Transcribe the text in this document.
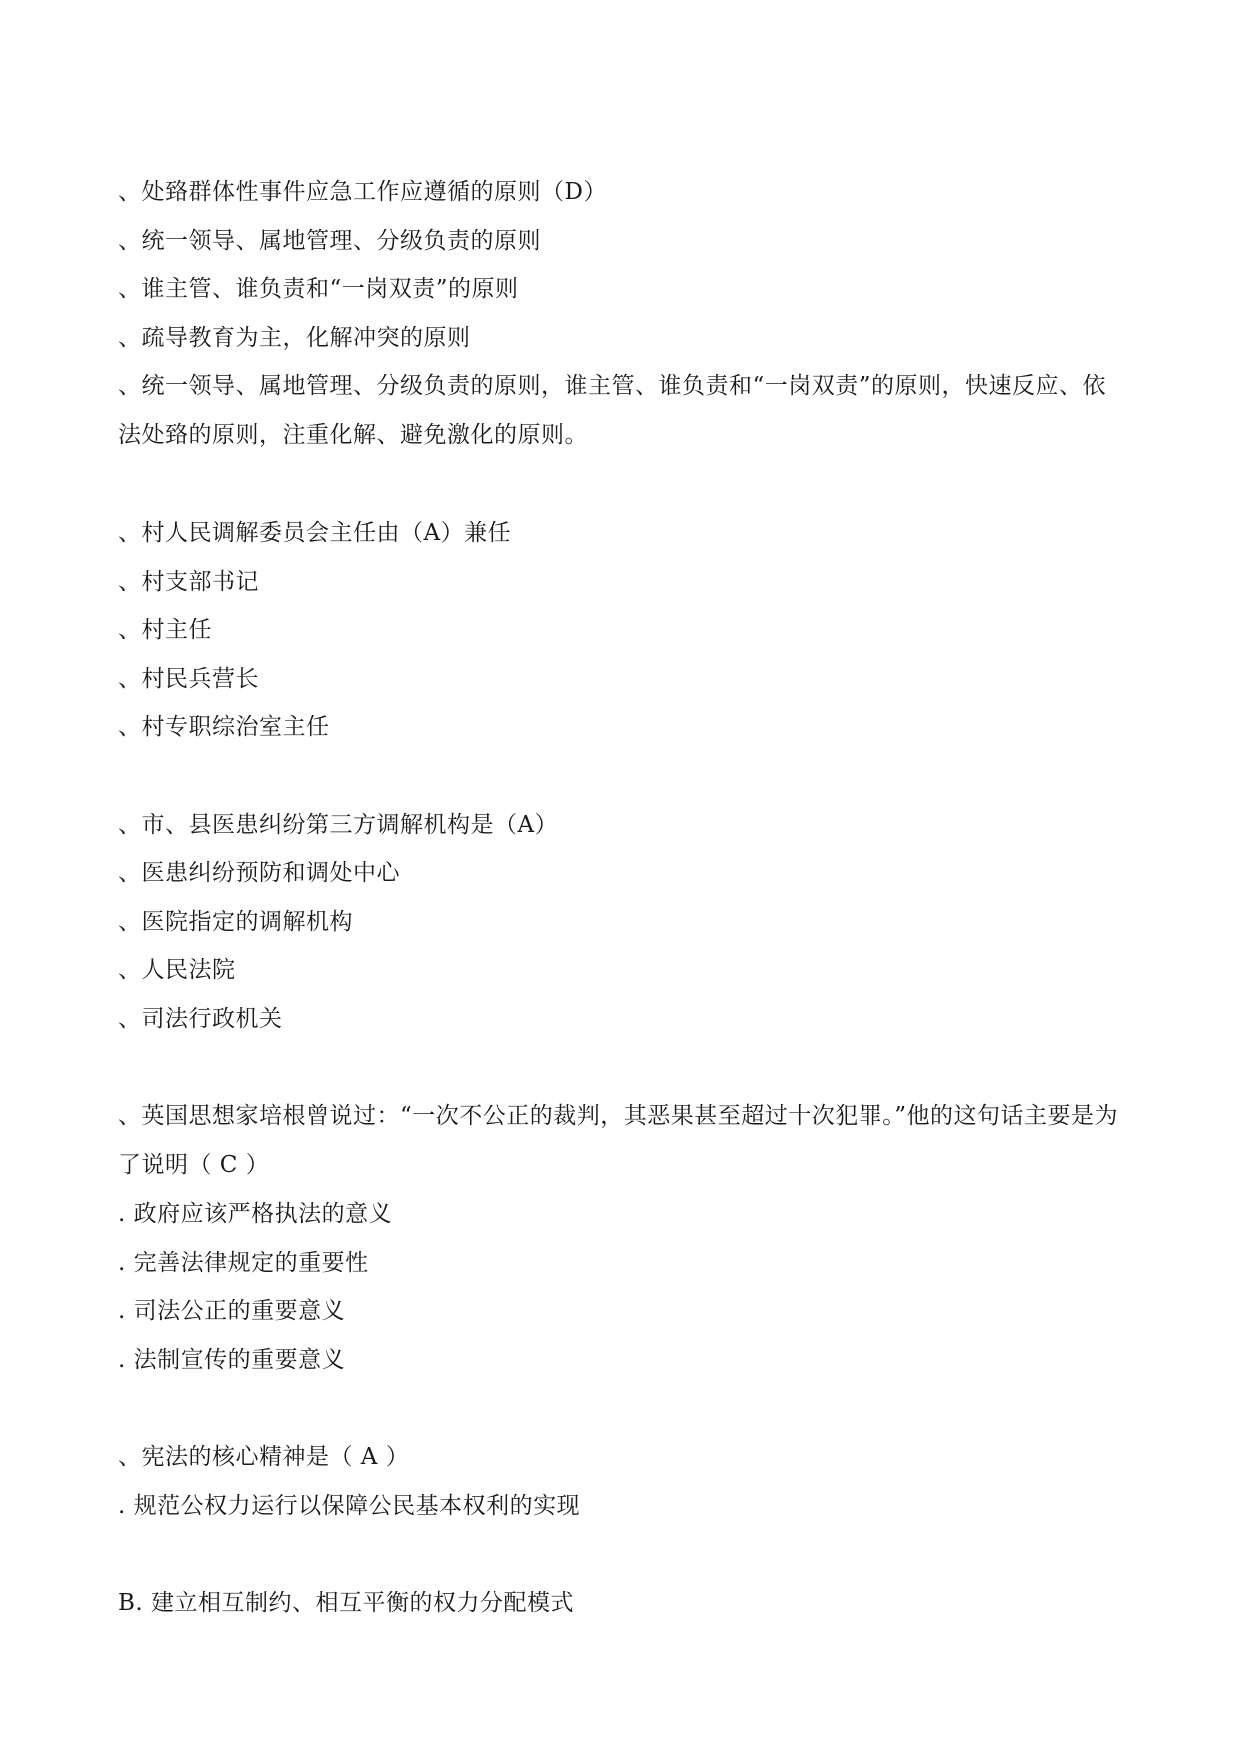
、处臵群体性事件应急工作应遵循的原则（D）
、统一领导、属地管理、分级负责的原则
、谁主管、谁负责和“一岗双责”的原则
、疏导教育为主，化解冲突的原则
、统一领导、属地管理、分级负责的原则，谁主管、谁负责和“一岗双责”的原则，快速反应、依法处臵的原则，注重化解、避免激化的原则。
、村人民调解委员会主任由（A）兼任
、村支部书记
、村主任
、村民兵营长
、村专职综治室主任
、市、县医患纠纷第三方调解机构是（A）
、医患纠纷预防和调处中心
、医院指定的调解机构
、人民法院
、司法行政机关
、英国思想家培根曾说过：“一次不公正的裁判，其恶果甚至超过十次犯罪。”他的这句话主要是为了说明（ C ）
. 政府应该严格执法的意义
. 完善法律规定的重要性
. 司法公正的重要意义
. 法制宣传的重要意义
、宪法的核心精神是（ A ）
. 规范公权力运行以保障公民基本权利的实现
B. 建立相互制约、相互平衡的权力分配模式
